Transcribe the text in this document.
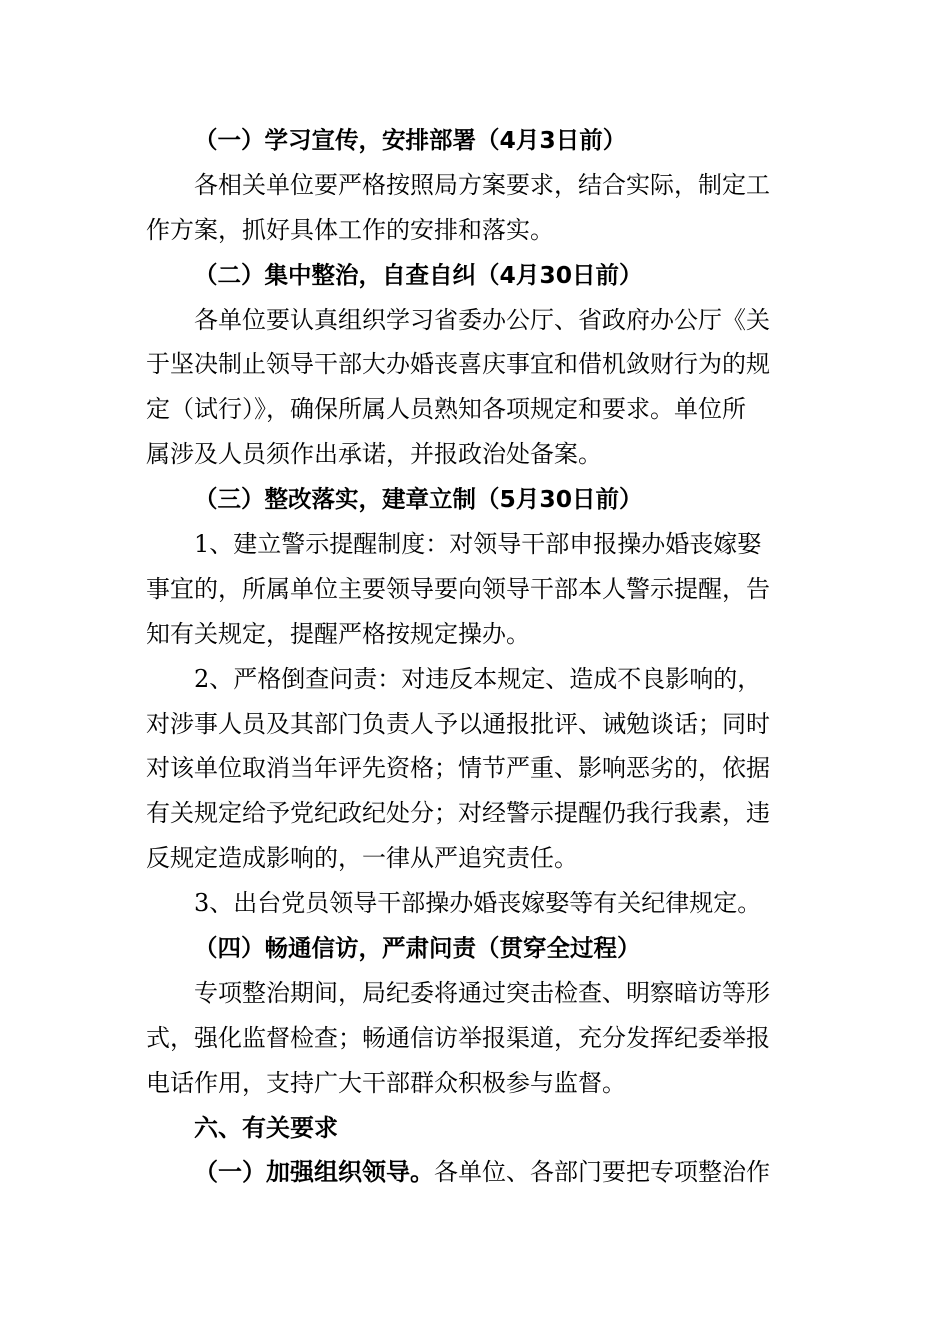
（一）学习宣传，安排部署（4月3日前）
各相关单位要严格按照局方案要求，结合实际，制定工
作方案，抓好具体工作的安排和落实。
（二）集中整治，自查自纠（4月30日前）
各单位要认真组织学习省委办公厅、省政府办公厅《关
于坚决制止领导干部大办婚丧喜庆事宜和借机敛财行为的规
定（试行）》，确保所属人员熟知各项规定和要求。单位所
属涉及人员须作出承诺，并报政治处备案。
（三）整改落实，建章立制（5月30日前）
1、建立警示提醒制度：对领导干部申报操办婚丧嫁娶
事宜的，所属单位主要领导要向领导干部本人警示提醒，告
知有关规定，提醒严格按规定操办。
2、严格倒查问责：对违反本规定、造成不良影响的，
对涉事人员及其部门负责人予以通报批评、诫勉谈话；同时
对该单位取消当年评先资格；情节严重、影响恶劣的，依据
有关规定给予党纪政纪处分；对经警示提醒仍我行我素，违
反规定造成影响的，一律从严追究责任。
3、出台党员领导干部操办婚丧嫁娶等有关纪律规定。
（四）畅通信访，严肃问责（贯穿全过程）
专项整治期间，局纪委将通过突击检查、明察暗访等形
式，强化监督检查；畅通信访举报渠道，充分发挥纪委举报
电话作用，支持广大干部群众积极参与监督。
六、有关要求
（一）加强组织领导。各单位、各部门要把专项整治作
